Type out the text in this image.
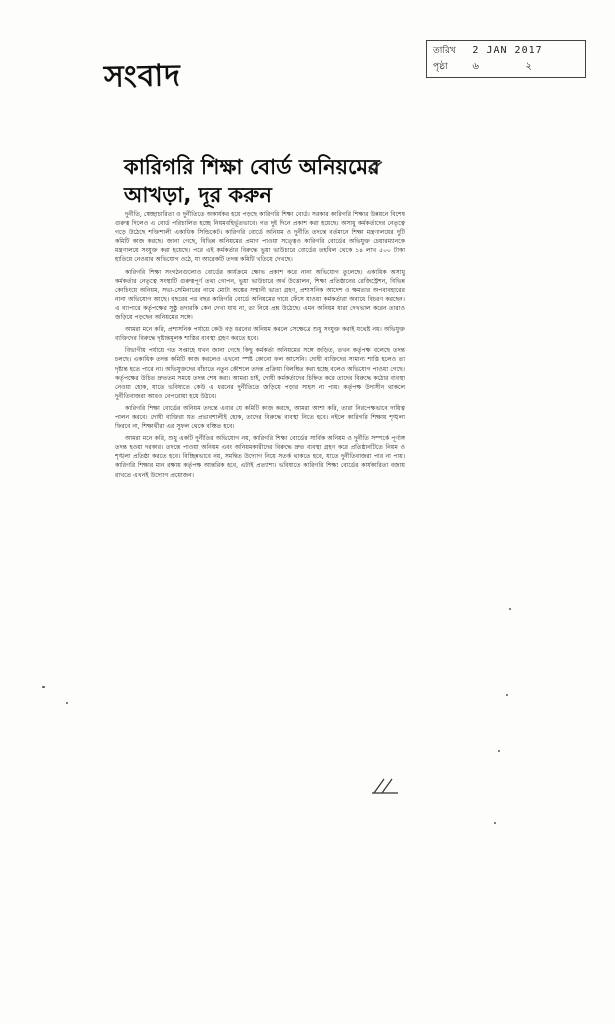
সংবাদ
তারিখ 2 JAN 2017
পৃষ্ঠা ৬	২
কারিগরি শিক্ষা বোর্ড অনিয়মের
আখড়া, দূর করুন

দুর্নীতি, স্বেচ্ছাচারিতা ও দুর্নীতিতে অকার্যকর হয়ে পড়ছে কারিগরি শিক্ষা বোর্ড। সরকার কারিগরি শিক্ষার উন্নয়নে বিশেষ গুরুত্ব দিলেও এ বোর্ড পরিচালিত হচ্ছে নিয়মবহির্ভূতভাবে। গত দুই দিনে প্রকাশ করা হয়েছে। অসাধু কর্মকর্তাদের নেতৃত্বে গড়ে উঠেছে শক্তিশালী একাধিক সিন্ডিকেট। কারিগরি বোর্ডে অনিয়ম ও দুর্নীতি তদন্তে বর্তমানে শিক্ষা মন্ত্রণালয়ের দুটি কমিটি কাজ করছে। জানা গেছে, বিভিন্ন অনিয়মের প্রমাণ পাওয়া সত্ত্বেও কারিগরি বোর্ডের অভিযুক্ত চেয়ারম্যানকে মন্ত্রণালয়ে সংযুক্ত করা হয়েছে। পরে এই কর্মকর্তার বিরুদ্ধে ভুয়া ভাউচারে বোর্ডের তহবিল থেকে ১৪ লাখ ৫০০ টাকা হাতিয়ে নেওয়ার অভিযোগ ওঠে, যা আরেকটি তদন্ত কমিটি খতিয়ে দেখছে।

কারিগরি শিক্ষা সংগঠনগুলোও বোর্ডের কার্যক্রমে ক্ষোভ প্রকাশ করে নানা অভিযোগ তুলেছে। একাধিক অসাধু কর্মকর্তার নেতৃত্বে সংস্থাটি গুরুত্বপূর্ণ তথ্য গোপন, ভুয়া ভাউচারে অর্থ উত্তোলন, শিক্ষা প্রতিষ্ঠানের রেজিস্ট্রেশন, বিভিন্ন কোচিংয়ে অনিয়ম, সভা-সেমিনারের নামে মোটা অঙ্কের সম্মানী ভাতা গ্রহণ, প্রশাসনিক আদেশ ও ক্ষমতার অপব্যবহারের নানা অভিযোগ আছে। বছরের পর বছর কারিগরি বোর্ডে অনিয়মের দায়ে ফেঁসে যাওয়া কর্মকর্তারা অবাধে বিচরণ করছেন। এ ব্যাপারে কর্তৃপক্ষের সুষ্ঠু তদারকি কেন দেখা যায় না, তা নিয়ে প্রশ্ন উঠেছে। এমন অনিয়ম যারা দেখভাল করেন তারাও জড়িয়ে পড়ছেন অনিয়মের সঙ্গে।

আমরা মনে করি, প্রশাসনিক পর্যায়ে কেউ বড় ধরনের অনিয়ম করলে সেক্ষেত্রে শুধু সংযুক্ত করাই যথেষ্ট নয়। অভিযুক্ত ব্যক্তিদের বিরুদ্ধে দৃষ্টান্তমূলক শাস্তির ব্যবস্থা গ্রহণ করতে হবে।

বিভাগীয় পর্যায়ে গত সপ্তাহে যখন জানা গেছে কিছু কর্মকর্তা অনিয়মের সঙ্গে জড়িত, তখন কর্তৃপক্ষ বলেছে তদন্ত চলছে। একাধিক তদন্ত কমিটি কাজ করলেও এখনো স্পষ্ট কোনো ফল আসেনি। দোষী ব্যক্তিদের সামান্য শাস্তি হলেও তা দৃষ্টান্ত হতে পারে না। অভিযুক্তদের বাঁচাতে নতুন কৌশলে তদন্ত প্রক্রিয়া বিলম্বিত করা হচ্ছে বলেও অভিযোগ পাওয়া গেছে। কর্তৃপক্ষের উচিত দ্রুততম সময়ে তদন্ত শেষ করা। আমরা চাই, দোষী কর্মকর্তাদের চিহ্নিত করে তাদের বিরুদ্ধে কঠোর ব্যবস্থা নেওয়া হোক, যাতে ভবিষ্যতে কেউ এ ধরনের দুর্নীতিতে জড়িয়ে পড়ার সাহস না পায়। কর্তৃপক্ষ উদাসীন থাকলে দুর্নীতিবাজরা আরও বেপরোয়া হয়ে উঠবে।

কারিগরি শিক্ষা বোর্ডের অনিয়ম তদন্তে এবার যে কমিটি কাজ করছে, আমরা আশা করি, তারা নিরপেক্ষভাবে দায়িত্ব পালন করবে। দোষী ব্যক্তিরা যত প্রভাবশালীই হোক, তাদের বিরুদ্ধে ব্যবস্থা নিতে হবে। নইলে কারিগরি শিক্ষায় শৃঙ্খলা ফিরবে না, শিক্ষার্থীরা এর সুফল থেকে বঞ্চিত হবে।

আমরা মনে করি, শুধু একটি দুর্নীতির অভিযোগ নয়, কারিগরি শিক্ষা বোর্ডের সার্বিক অনিয়ম ও দুর্নীতি সম্পর্কে পূর্ণাঙ্গ তদন্ত হওয়া দরকার। তদন্তে পাওয়া অনিয়ম এবং অনিয়মকারীদের বিরুদ্ধে দ্রুত ব্যবস্থা গ্রহণ করে প্রতিষ্ঠানটিতে নিয়ম ও শৃঙ্খলা প্রতিষ্ঠা করতে হবে। বিচ্ছিন্নভাবে নয়, সমন্বিত উদ্যোগ নিয়ে সতর্ক থাকতে হবে, যাতে দুর্নীতিবাজরা পার না পায়। কারিগরি শিক্ষার মান রক্ষায় কর্তৃপক্ষ আন্তরিক হবে, এটাই প্রত্যাশা। ভবিষ্যতে কারিগরি শিক্ষা বোর্ডের কার্যকারিতা বজায় রাখতে এখনই উদ্যোগ প্রয়োজন।
